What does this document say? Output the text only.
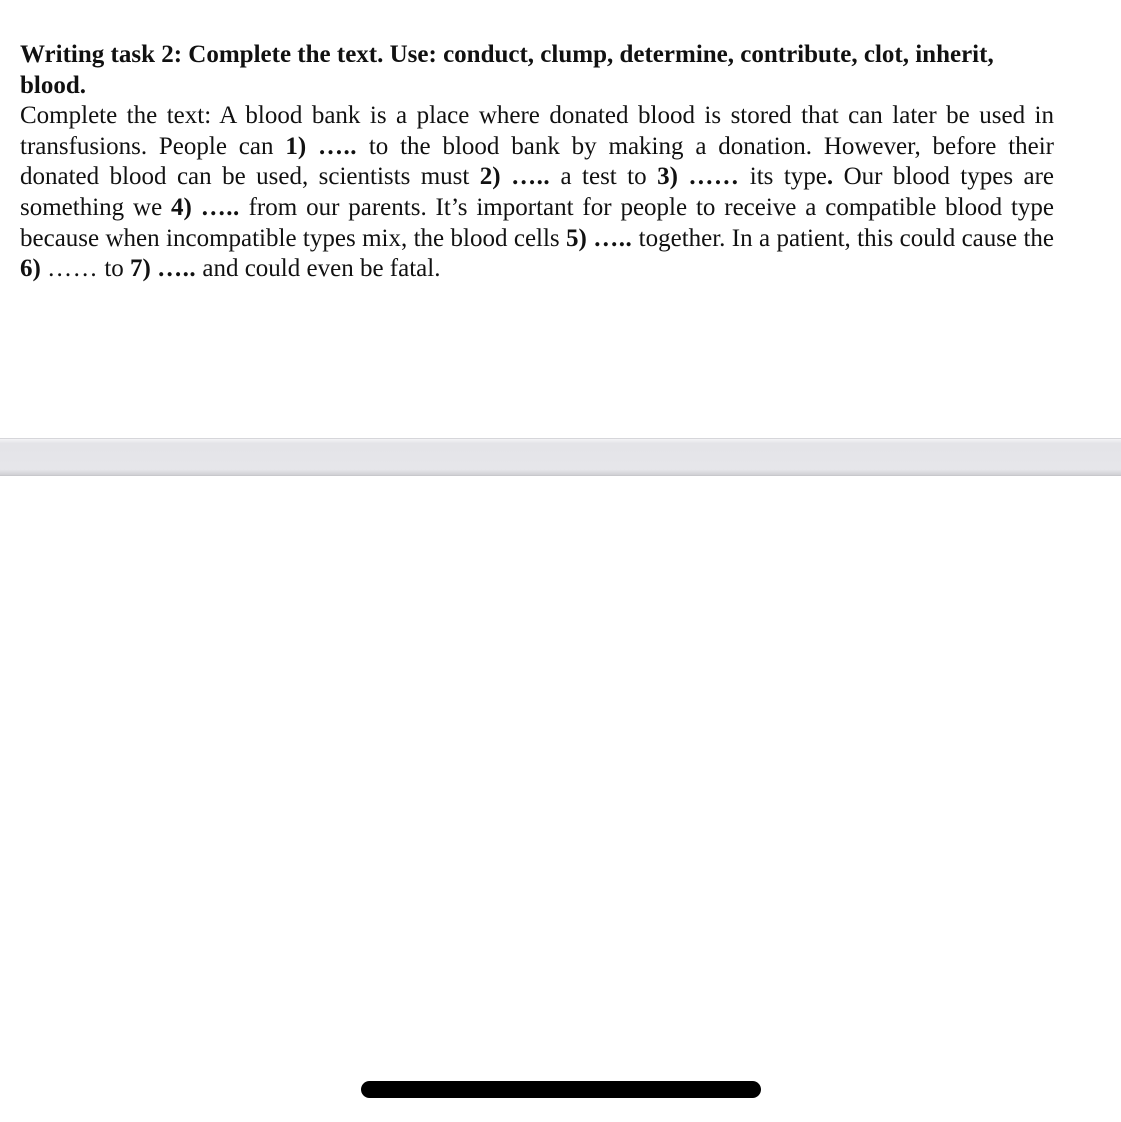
Writing task 2: Complete the text. Use: conduct, clump, determine, contribute, clot, inherit, blood.

Complete the text: A blood bank is a place where donated blood is stored that can later be used in transfusions. People can 1) ….. to the blood bank by making a donation. However, before their donated blood can be used, scientists must 2) ….. a test to 3) …… its type. Our blood types are something we 4) ….. from our parents. It’s important for people to receive a compatible blood type because when incompatible types mix, the blood cells 5) ….. together. In a patient, this could cause the 6) …… to 7) ….. and could even be fatal.
